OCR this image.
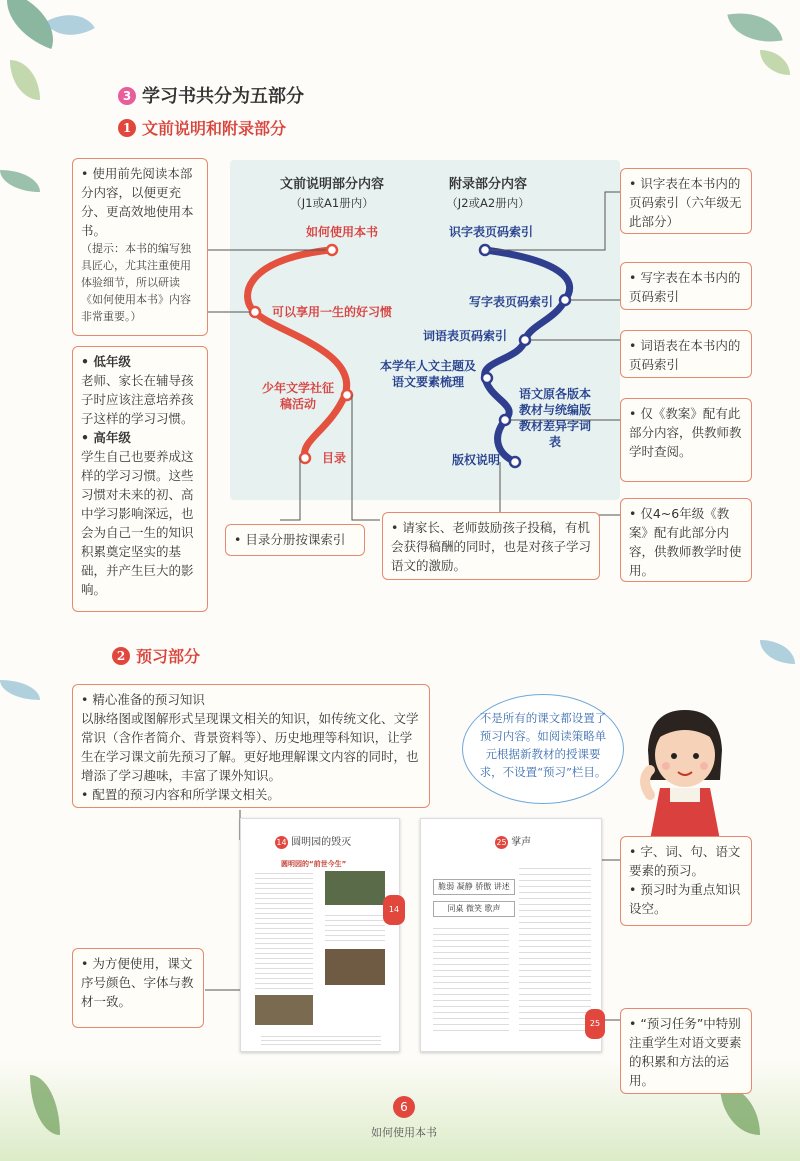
3 学习书共分为五部分
1 文前说明和附录部分
文前说明部分内容
（J1或A1册内）
附录部分内容
（J2或A2册内）
如何使用本书
可以享用一生的好习惯
少年文学社征稿活动
目录
识字表页码索引
写字表页码索引
词语表页码索引
本学年人文主题及语文要素梳理
语文原各版本教材与统编版教材差异字词表
版权说明

• 使用前先阅读本部分内容，以便更充分、更高效地使用本书。

（提示：本书的编写独具匠心，尤其注重使用体验细节，所以研读《如何使用本书》内容非常重要。）

• 低年级

老师、家长在辅导孩子时应该注意培养孩子这样的学习习惯。

• 高年级

学生自己也要养成这样的学习习惯。这些习惯对未来的初、高中学习影响深远，也会为自己一生的知识积累奠定坚实的基础，并产生巨大的影响。

• 目录分册按课索引

• 请家长、老师鼓励孩子投稿，有机会获得稿酬的同时，也是对孩子学习语文的激励。

• 识字表在本书内的页码索引（六年级无此部分）

• 写字表在本书内的页码索引

• 词语表在本书内的页码索引

• 仅《教案》配有此部分内容，供教师教学时查阅。

• 仅4~6年级《教案》配有此部分内容，供教师教学时使用。

2 预习部分

• 精心准备的预习知识

以脉络图或图解形式呈现课文相关的知识，如传统文化、文学常识（含作者简介、背景资料等）、历史地理等科知识，让学生在学习课文前先预习了解。更好地理解课文内容的同时，也增添了学习趣味，丰富了课外知识。

• 配置的预习内容和所学课文相关。

不是所有的课文都设置了预习内容。如阅读策略单元根据新教材的授课要求，不设置“预习”栏目。
14 圆明园的毁灭
圆明园的“前世今生”
14
25 掌声
脆弱 凝静 骄傲 讲述
同桌 微笑 歌声
25

• 字、词、句、语文要素的预习。

• 预习时为重点知识设空。

• 为方便使用，课文序号颜色、字体与教材一致。

• “预习任务”中特别注重学生对语文要素的积累和方法的运用。

6
如何使用本书
